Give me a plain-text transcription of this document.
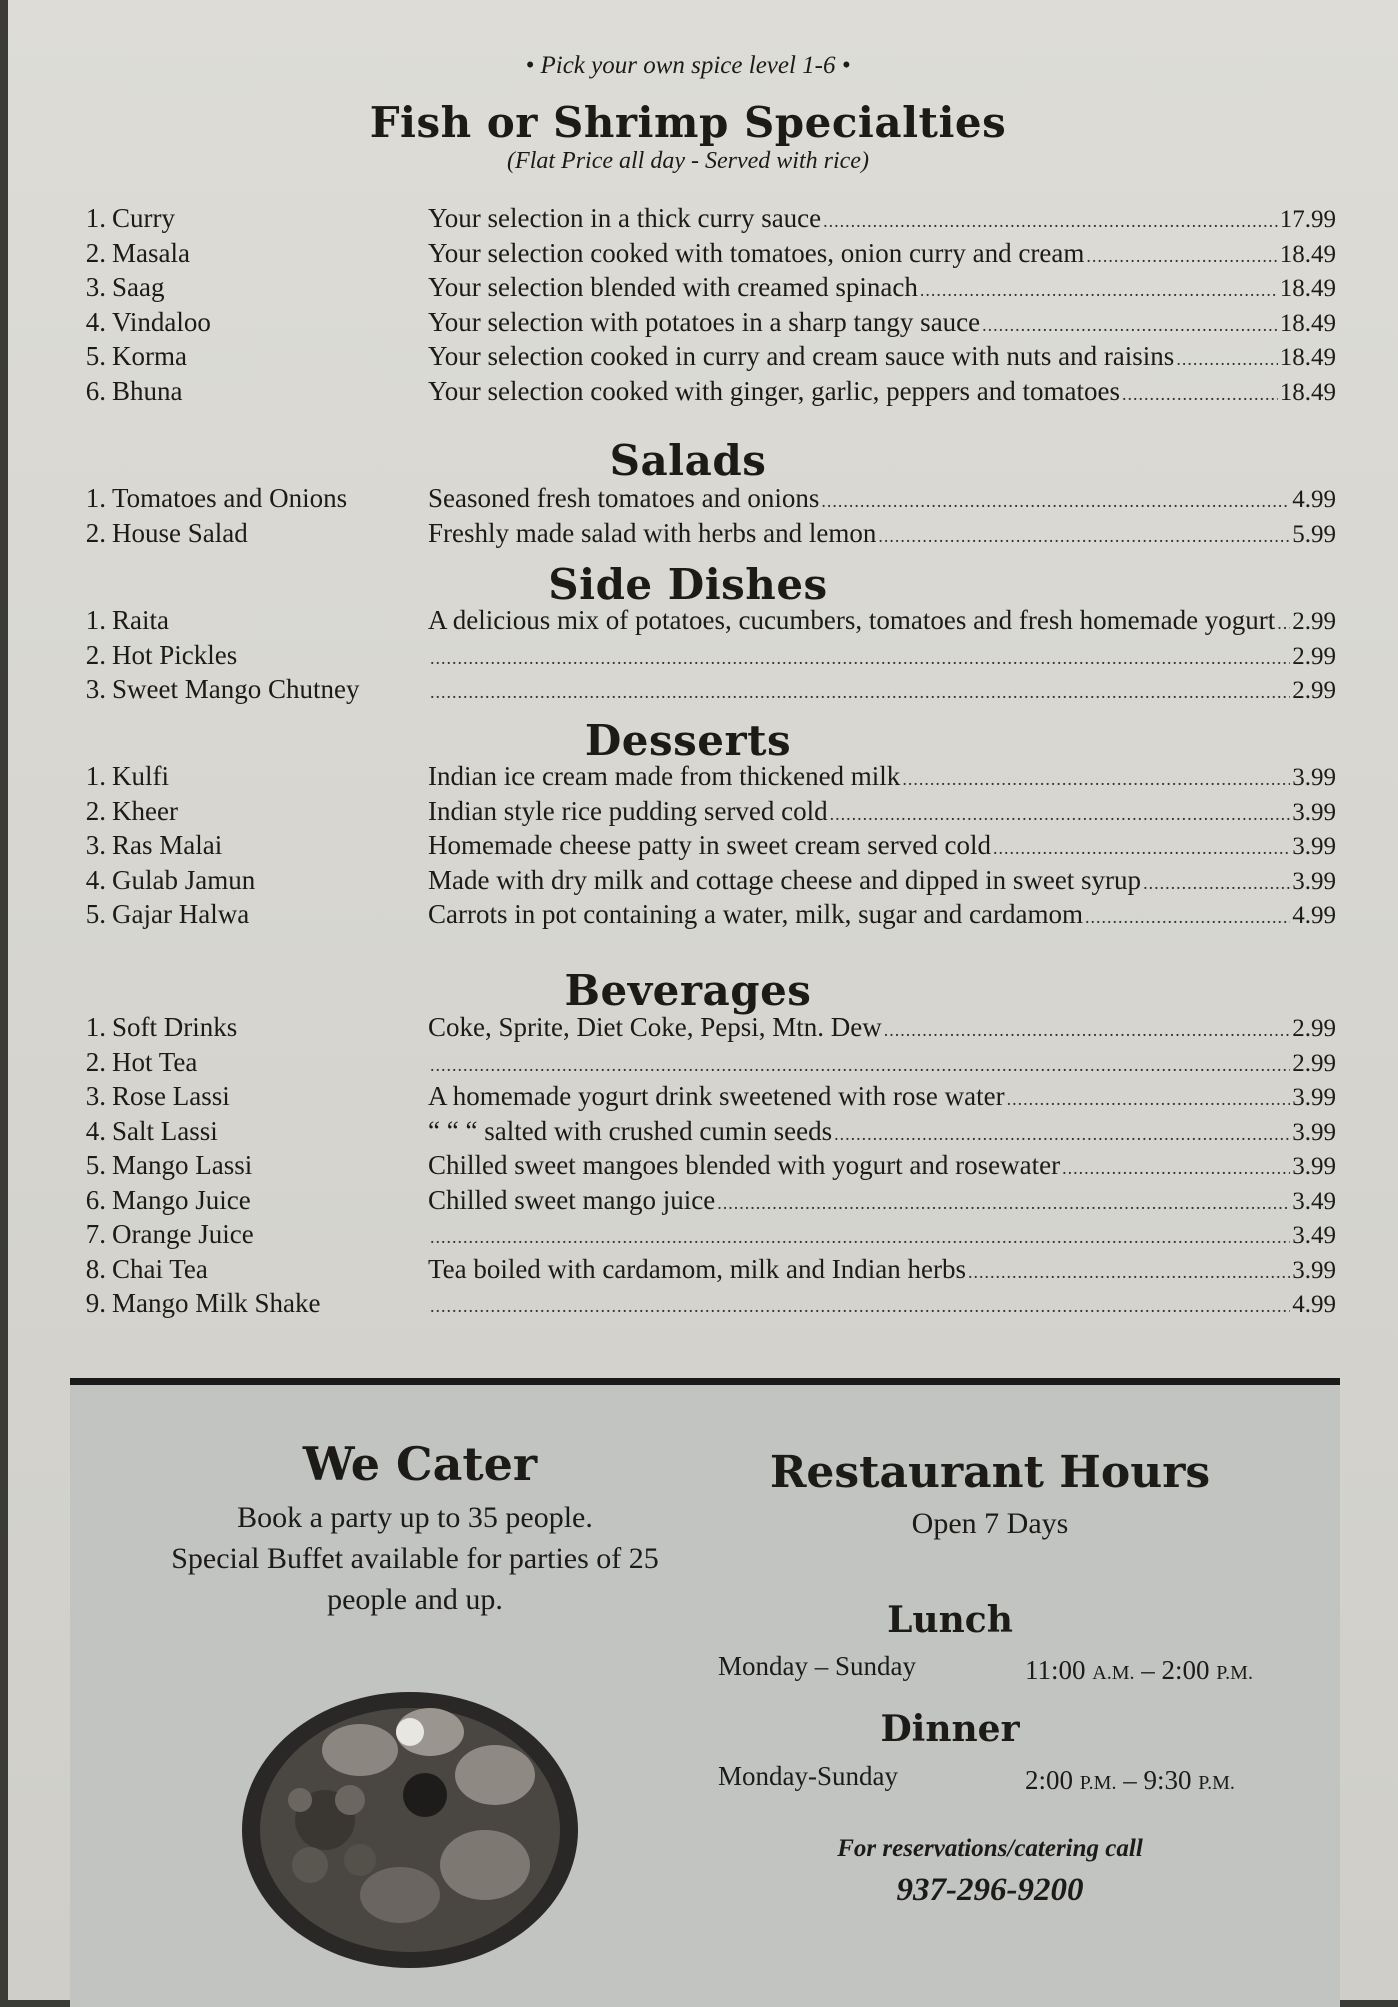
• Pick your own spice level 1-6 •
Fish or Shrimp Specialties
(Flat Price all day - Served with rice)
1. Curry	Your selection in a thick curry sauce .....	17.99
2. Masala	Your selection cooked with tomatoes, onion curry and cream .....	18.49
3. Saag	Your selection blended with creamed spinach .....	18.49
4. Vindaloo	Your selection with potatoes in a sharp tangy sauce .....	18.49
5. Korma	Your selection cooked in curry and cream sauce with nuts and raisins .....	18.49
6. Bhuna	Your selection cooked with ginger, garlic, peppers and tomatoes .....	18.49
Salads
1. Tomatoes and Onions	Seasoned fresh tomatoes and onions .....	4.99
2. House Salad	Freshly made salad with herbs and lemon .....	5.99
Side Dishes
1. Raita	A delicious mix of potatoes, cucumbers, tomatoes and fresh homemade yogurt ..... 2.99
2. Hot Pickles .....	2.99
3. Sweet Mango Chutney .....	2.99
Desserts
1. Kulfi	Indian ice cream made from thickened milk .....	3.99
2. Kheer	Indian style rice pudding served cold .....	3.99
3. Ras Malai	Homemade cheese patty in sweet cream served cold .....	3.99
4. Gulab Jamun	Made with dry milk and cottage cheese and dipped in sweet syrup .....	3.99
5. Gajar Halwa	Carrots in pot containing a water, milk, sugar and cardamom .....	4.99
Beverages
1. Soft Drinks	Coke, Sprite, Diet Coke, Pepsi, Mtn. Dew .....	2.99
2. Hot Tea .....	2.99
3. Rose Lassi	A homemade yogurt drink sweetened with rose water .....	3.99
4. Salt Lassi	“ “ “ salted with crushed cumin seeds .....	3.99
5. Mango Lassi	Chilled sweet mangoes blended with yogurt and rosewater .....	3.99
6. Mango Juice	Chilled sweet mango juice .....	3.49
7. Orange Juice .....	3.49
8. Chai Tea	Tea boiled with cardamom, milk and Indian herbs .....	3.99
9. Mango Milk Shake .....	4.99
We Cater
Book a party up to 35 people.
Special Buffet available for parties of 25
people and up.
Restaurant Hours
Open 7 Days
Lunch
Monday – Sunday	11:00 A.M. – 2:00 P.M.
Dinner
Monday-Sunday	2:00 P.M. – 9:30 P.M.
For reservations/catering call
937-296-9200
